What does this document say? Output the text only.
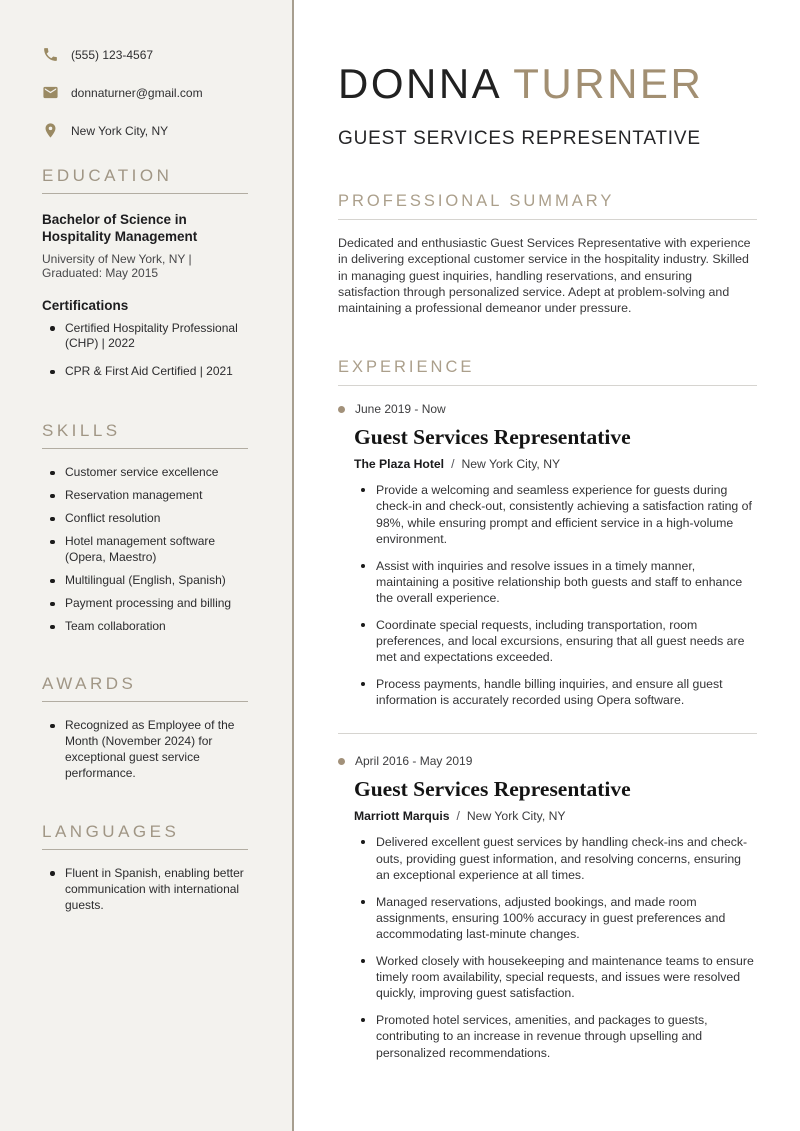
(555) 123-4567
donnaturner@gmail.com
New York City, NY
EDUCATION
Bachelor of Science in Hospitality Management

University of New York, NY | Graduated: May 2015

Certifications
Certified Hospitality Professional (CHP) | 2022
CPR & First Aid Certified | 2021
SKILLS
Customer service excellence
Reservation management
Conflict resolution
Hotel management software (Opera, Maestro)
Multilingual (English, Spanish)
Payment processing and billing
Team collaboration
AWARDS
Recognized as Employee of the Month (November 2024) for exceptional guest service performance.
LANGUAGES
Fluent in Spanish, enabling better communication with international guests.
DONNA TURNER
GUEST SERVICES REPRESENTATIVE
PROFESSIONAL SUMMARY

Dedicated and enthusiastic Guest Services Representative with experience in delivering exceptional customer service in the hospitality industry. Skilled in managing guest inquiries, handling reservations, and ensuring satisfaction through personalized service. Adept at problem-solving and maintaining a professional demeanor under pressure.

EXPERIENCE
June 2019 - Now
Guest Services Representative
The Plaza Hotel / New York City, NY
Provide a welcoming and seamless experience for guests during check-in and check-out, consistently achieving a satisfaction rating of 98%, while ensuring prompt and efficient service in a high-volume environment.
Assist with inquiries and resolve issues in a timely manner, maintaining a positive relationship both guests and staff to enhance the overall experience.
Coordinate special requests, including transportation, room preferences, and local excursions, ensuring that all guest needs are met and expectations exceeded.
Process payments, handle billing inquiries, and ensure all guest information is accurately recorded using Opera software.
April 2016 - May 2019
Guest Services Representative
Marriott Marquis / New York City, NY
Delivered excellent guest services by handling check-ins and check-outs, providing guest information, and resolving concerns, ensuring an exceptional experience at all times.
Managed reservations, adjusted bookings, and made room assignments, ensuring 100% accuracy in guest preferences and accommodating last-minute changes.
Worked closely with housekeeping and maintenance teams to ensure timely room availability, special requests, and issues were resolved quickly, improving guest satisfaction.
Promoted hotel services, amenities, and packages to guests, contributing to an increase in revenue through upselling and personalized recommendations.
